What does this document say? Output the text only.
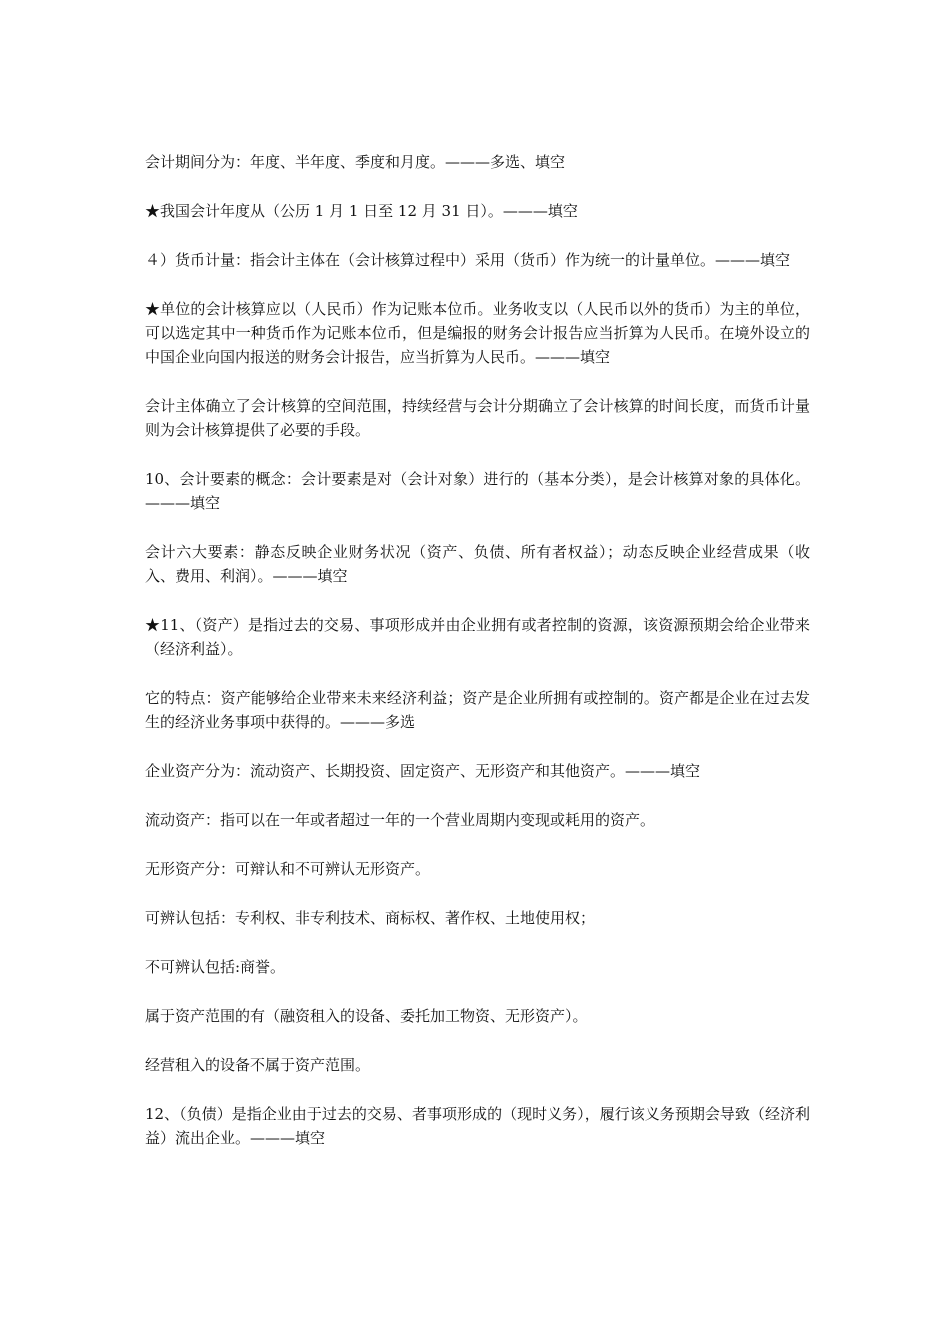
会计期间分为：年度、半年度、季度和月度。———多选、填空

★我国会计年度从（公历 1 月 1 日至 12 月 31 日）。———填空

４）货币计量：指会计主体在（会计核算过程中）采用（货币）作为统一的计量单位。———填空

★单位的会计核算应以（人民币）作为记账本位币。业务收支以（人民币以外的货币）为主的单位，可以选定其中一种货币作为记账本位币，但是编报的财务会计报告应当折算为人民币。在境外设立的中国企业向国内报送的财务会计报告，应当折算为人民币。———填空

会计主体确立了会计核算的空间范围，持续经营与会计分期确立了会计核算的时间长度，而货币计量则为会计核算提供了必要的手段。

10、会计要素的概念：会计要素是对（会计对象）进行的（基本分类），是会计核算对象的具体化。———填空

会计六大要素：静态反映企业财务状况（资产、负债、所有者权益）；动态反映企业经营成果（收入、费用、利润）。———填空

★11、（资产）是指过去的交易、事项形成并由企业拥有或者控制的资源，该资源预期会给企业带来（经济利益）。

它的特点：资产能够给企业带来未来经济利益；资产是企业所拥有或控制的。资产都是企业在过去发生的经济业务事项中获得的。———多选

企业资产分为：流动资产、长期投资、固定资产、无形资产和其他资产。———填空

流动资产：指可以在一年或者超过一年的一个营业周期内变现或耗用的资产。

无形资产分：可辩认和不可辨认无形资产。

可辨认包括：专利权、非专利技术、商标权、著作权、土地使用权；

不可辨认包括:商誉。

属于资产范围的有（融资租入的设备、委托加工物资、无形资产）。

经营租入的设备不属于资产范围。

12、（负债）是指企业由于过去的交易、者事项形成的（现时义务），履行该义务预期会导致（经济利益）流出企业。———填空
